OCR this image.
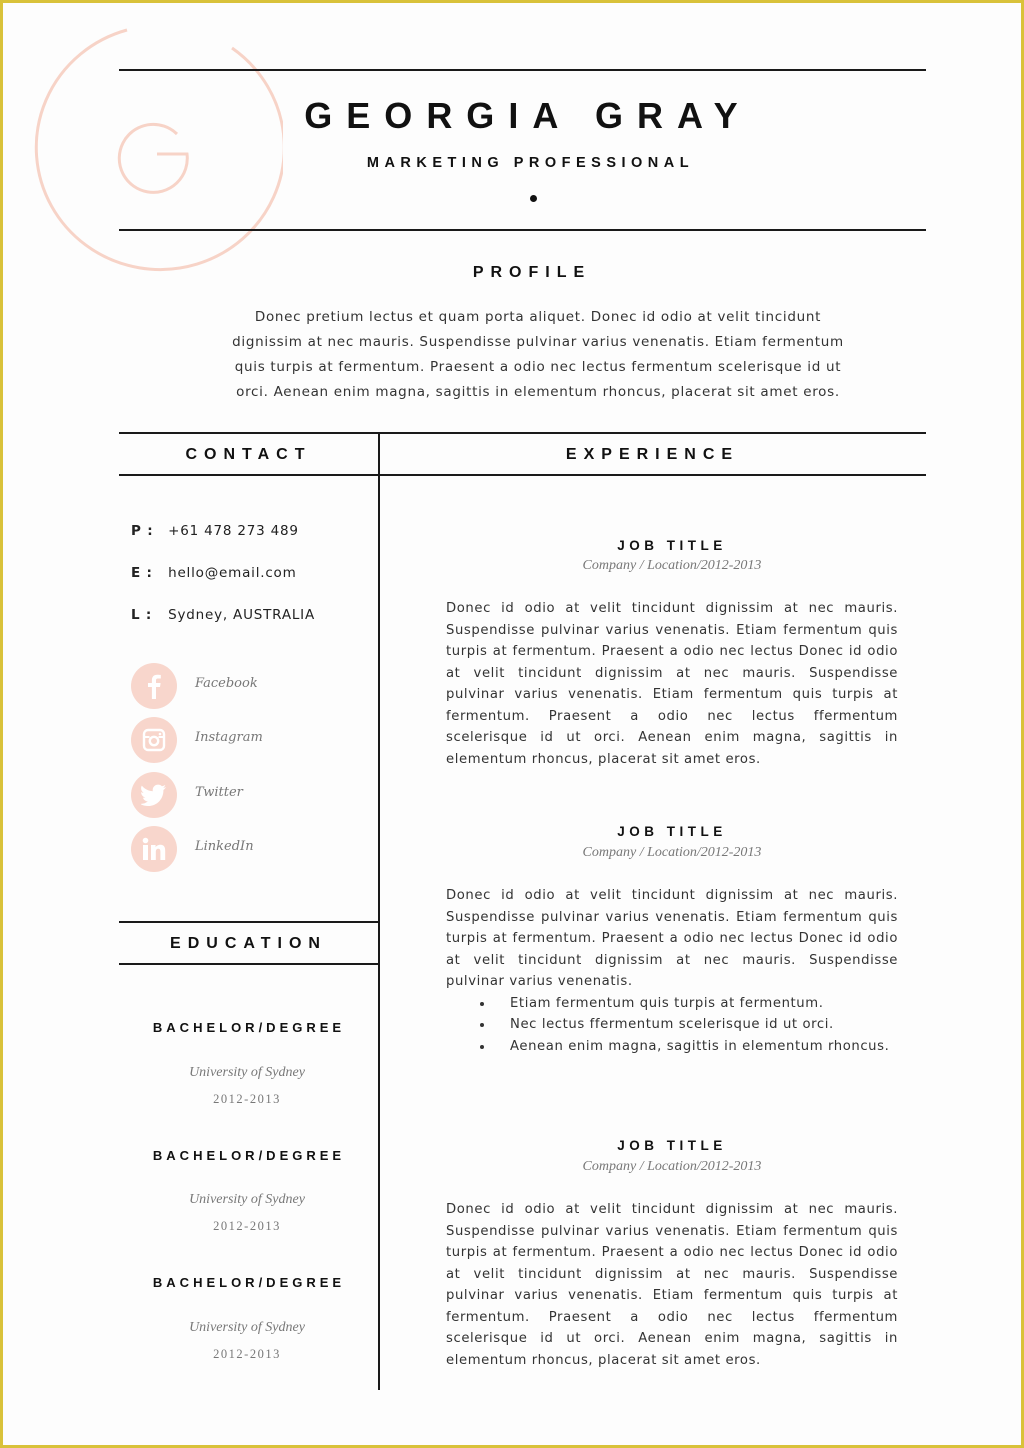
G
GEORGIA GRAY
MARKETING PROFESSIONAL
PROFILE
Donec pretium lectus et quam porta aliquet. Donec id odio at velit tincidunt dignissim at nec mauris. Suspendisse pulvinar varius venenatis. Etiam fermentum quis turpis at fermentum. Praesent a odio nec lectus fermentum scelerisque id ut orci. Aenean enim magna, sagittis in elementum rhoncus, placerat sit amet eros.
CONTACT
P : +61 478 273 489
E : hello@email.com
L : Sydney, AUSTRALIA
Facebook
Instagram
Twitter
LinkedIn
EDUCATION
BACHELOR/DEGREE
University of Sydney
2012-2013
BACHELOR/DEGREE
University of Sydney
2012-2013
BACHELOR/DEGREE
University of Sydney
2012-2013
EXPERIENCE
JOB TITLE
Company / Location/2012-2013

Donec id odio at velit tincidunt dignissim at nec mauris. Suspendisse pulvinar varius venenatis. Etiam fermentum quis turpis at fermentum. Praesent a odio nec lectus Donec id odio at velit tincidunt dignissim at nec mauris. Suspendisse pulvinar varius venenatis. Etiam fermentum quis turpis at fermentum. Praesent a odio nec lectus ffermentum scelerisque id ut orci. Aenean enim magna, sagittis in elementum rhoncus, placerat sit amet eros.

JOB TITLE
Company / Location/2012-2013
Donec id odio at velit tincidunt dignissim at nec mauris. Suspendisse pulvinar varius venenatis. Etiam fermentum quis turpis at fermentum. Praesent a odio nec lectus Donec id odio at velit tincidunt dignissim at nec mauris. Suspendisse pulvinar varius venenatis.
Etiam fermentum quis turpis at fermentum.
Nec lectus ffermentum scelerisque id ut orci.
Aenean enim magna, sagittis in elementum rhoncus.
JOB TITLE
Company / Location/2012-2013

Donec id odio at velit tincidunt dignissim at nec mauris. Suspendisse pulvinar varius venenatis. Etiam fermentum quis turpis at fermentum. Praesent a odio nec lectus Donec id odio at velit tincidunt dignissim at nec mauris. Suspendisse pulvinar varius venenatis. Etiam fermentum quis turpis at fermentum. Praesent a odio nec lectus ffermentum scelerisque id ut orci. Aenean enim magna, sagittis in elementum rhoncus, placerat sit amet eros.
